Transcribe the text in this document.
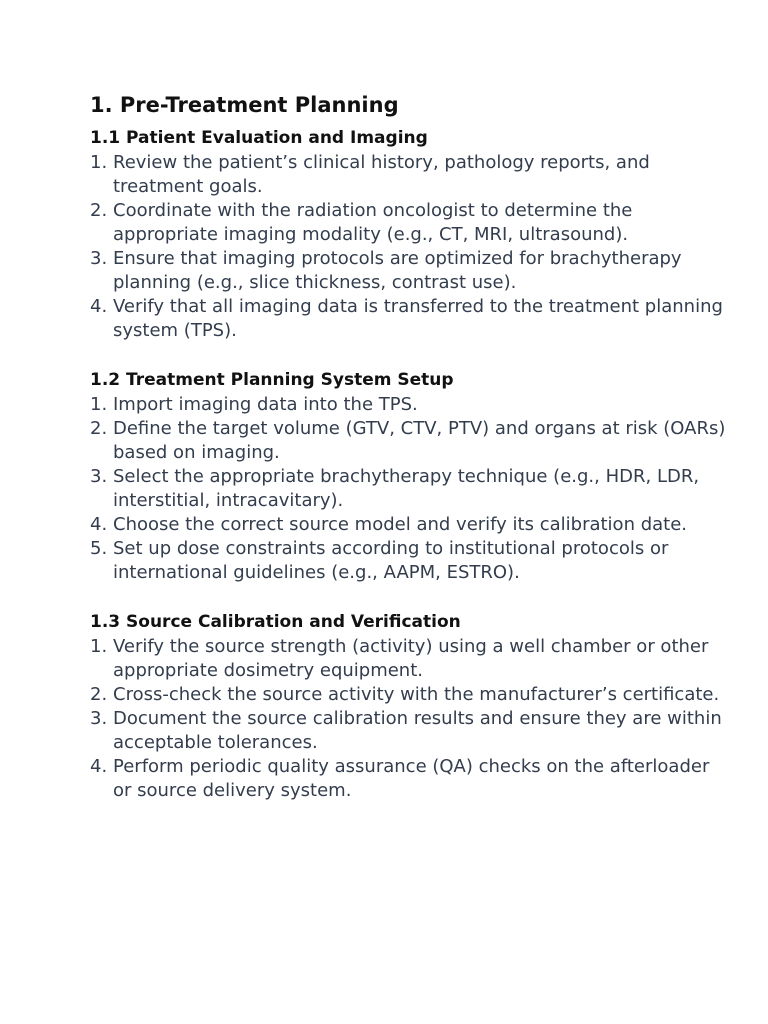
1. Pre-Treatment Planning
1.1 Patient Evaluation and Imaging
1. Review the patient’s clinical history, pathology reports, and treatment goals.
2. Coordinate with the radiation oncologist to determine the appropriate imaging modality (e.g., CT, MRI, ultrasound).
3. Ensure that imaging protocols are optimized for brachytherapy planning (e.g., slice thickness, contrast use).
4. Verify that all imaging data is transferred to the treatment planning system (TPS).
1.2 Treatment Planning System Setup
1. Import imaging data into the TPS.
2. Define the target volume (GTV, CTV, PTV) and organs at risk (OARs) based on imaging.
3. Select the appropriate brachytherapy technique (e.g., HDR, LDR, interstitial, intracavitary).
4. Choose the correct source model and verify its calibration date.
5. Set up dose constraints according to institutional protocols or international guidelines (e.g., AAPM, ESTRO).
1.3 Source Calibration and Verification
1. Verify the source strength (activity) using a well chamber or other appropriate dosimetry equipment.
2. Cross-check the source activity with the manufacturer’s certificate.
3. Document the source calibration results and ensure they are within acceptable tolerances.
4. Perform periodic quality assurance (QA) checks on the afterloader or source delivery system.
